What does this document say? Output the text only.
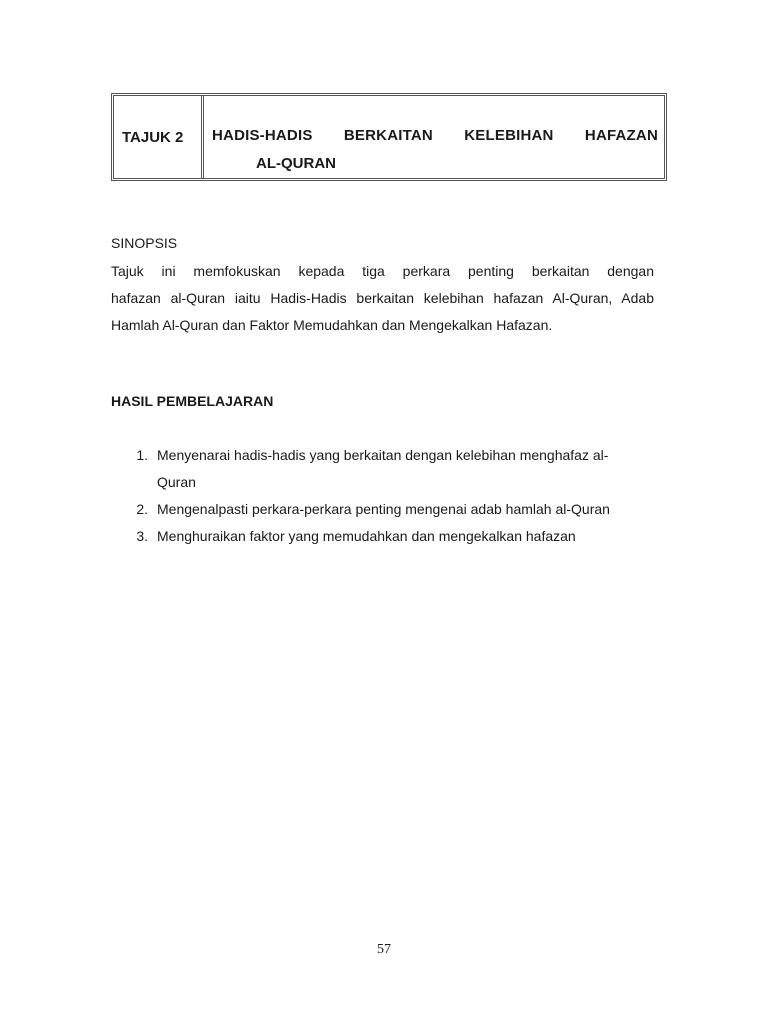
TAJUK 2 HADIS-HADIS BERKAITAN KELEBIHAN HAFAZAN
AL-QURAN
SINOPSIS
Tajuk ini memfokuskan kepada tiga perkara penting berkaitan dengan
hafazan al-Quran iaitu Hadis-Hadis berkaitan kelebihan hafazan Al-Quran, Adab
Hamlah Al-Quran dan Faktor Memudahkan dan Mengekalkan Hafazan.
HASIL PEMBELAJARAN
1. Menyenarai hadis-hadis yang berkaitan dengan kelebihan menghafaz al-
Quran
2. Mengenalpasti perkara-perkara penting mengenai adab hamlah al-Quran
3. Menghuraikan faktor yang memudahkan dan mengekalkan hafazan
57
